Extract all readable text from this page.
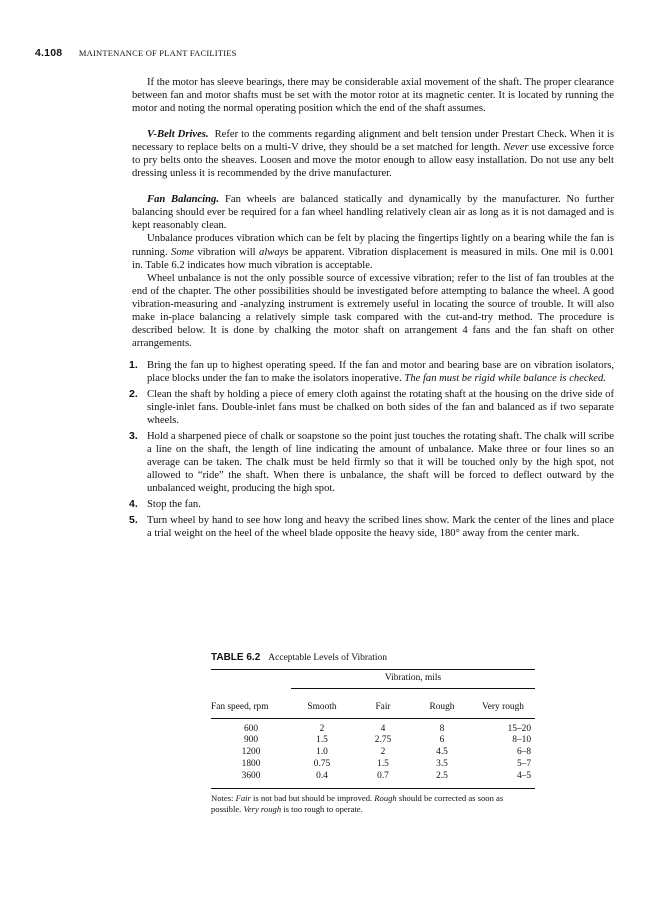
4.108 MAINTENANCE OF PLANT FACILITIES

If the motor has sleeve bearings, there may be considerable axial movement of the shaft. The proper clearance between fan and motor shafts must be set with the motor rotor at its magnetic center. It is located by running the motor and noting the normal operating position which the end of the shaft assumes.

V-Belt Drives. Refer to the comments regarding alignment and belt tension under Prestart Check. When it is necessary to replace belts on a multi-V drive, they should be a set matched for length. Never use excessive force to pry belts onto the sheaves. Loosen and move the motor enough to allow easy installation. Do not use any belt dressing unless it is recommended by the drive manufacturer.

Fan Balancing. Fan wheels are balanced statically and dynamically by the manufacturer. No further balancing should ever be required for a fan wheel handling relatively clean air as long as it is not damaged and is kept reasonably clean.

Unbalance produces vibration which can be felt by placing the fingertips lightly on a bearing while the fan is running. Some vibration will always be apparent. Vibration displacement is measured in mils. One mil is 0.001 in. Table 6.2 indicates how much vibration is acceptable.

Wheel unbalance is not the only possible source of excessive vibration; refer to the list of fan troubles at the end of the chapter. The other possibilities should be investigated before attempting to balance the wheel. A good vibration-measuring and -analyzing instrument is extremely useful in locating the source of trouble. It will also make in-place balancing a relatively simple task compared with the cut-and-try method. The procedure is described below. It is done by chalking the motor shaft on arrangement 4 fans and the fan shaft on other arrangements.

1. Bring the fan up to highest operating speed. If the fan and motor and bearing base are on vibration isolators, place blocks under the fan to make the isolators inoperative. The fan must be rigid while balance is checked.
2. Clean the shaft by holding a piece of emery cloth against the rotating shaft at the housing on the drive side of single-inlet fans. Double-inlet fans must be chalked on both sides of the fan and balanced as if two separate wheels.
3. Hold a sharpened piece of chalk or soapstone so the point just touches the rotating shaft. The chalk will scribe a line on the shaft, the length of line indicating the amount of unbalance. Make three or four lines so an average can be taken. The chalk must be held firmly so that it will be touched only by the high spot, not allowed to “ride” the shaft. When there is unbalance, the shaft will be forced to deflect outward by the unbalanced weight, producing the high spot.
4. Stop the fan.
5. Turn wheel by hand to see how long and heavy the scribed lines show. Mark the center of the lines and place a trial weight on the heel of the wheel blade opposite the heavy side, 180° away from the center mark.
TABLE 6.2 Acceptable Levels of Vibration
	Vibration, mils			
Fan speed, rpm	Smooth	Fair	Rough	Very rough

600	2	4	8	15–20
900	1.5	2.75	6	8–10
1200	1.0	2	4.5	6–8
1800	0.75	1.5	3.5	5–7
3600	0.4	0.7	2.5	4–5
Notes: Fair is not bad but should be improved. Rough should be corrected as soon as possible. Very rough is too rough to operate.
